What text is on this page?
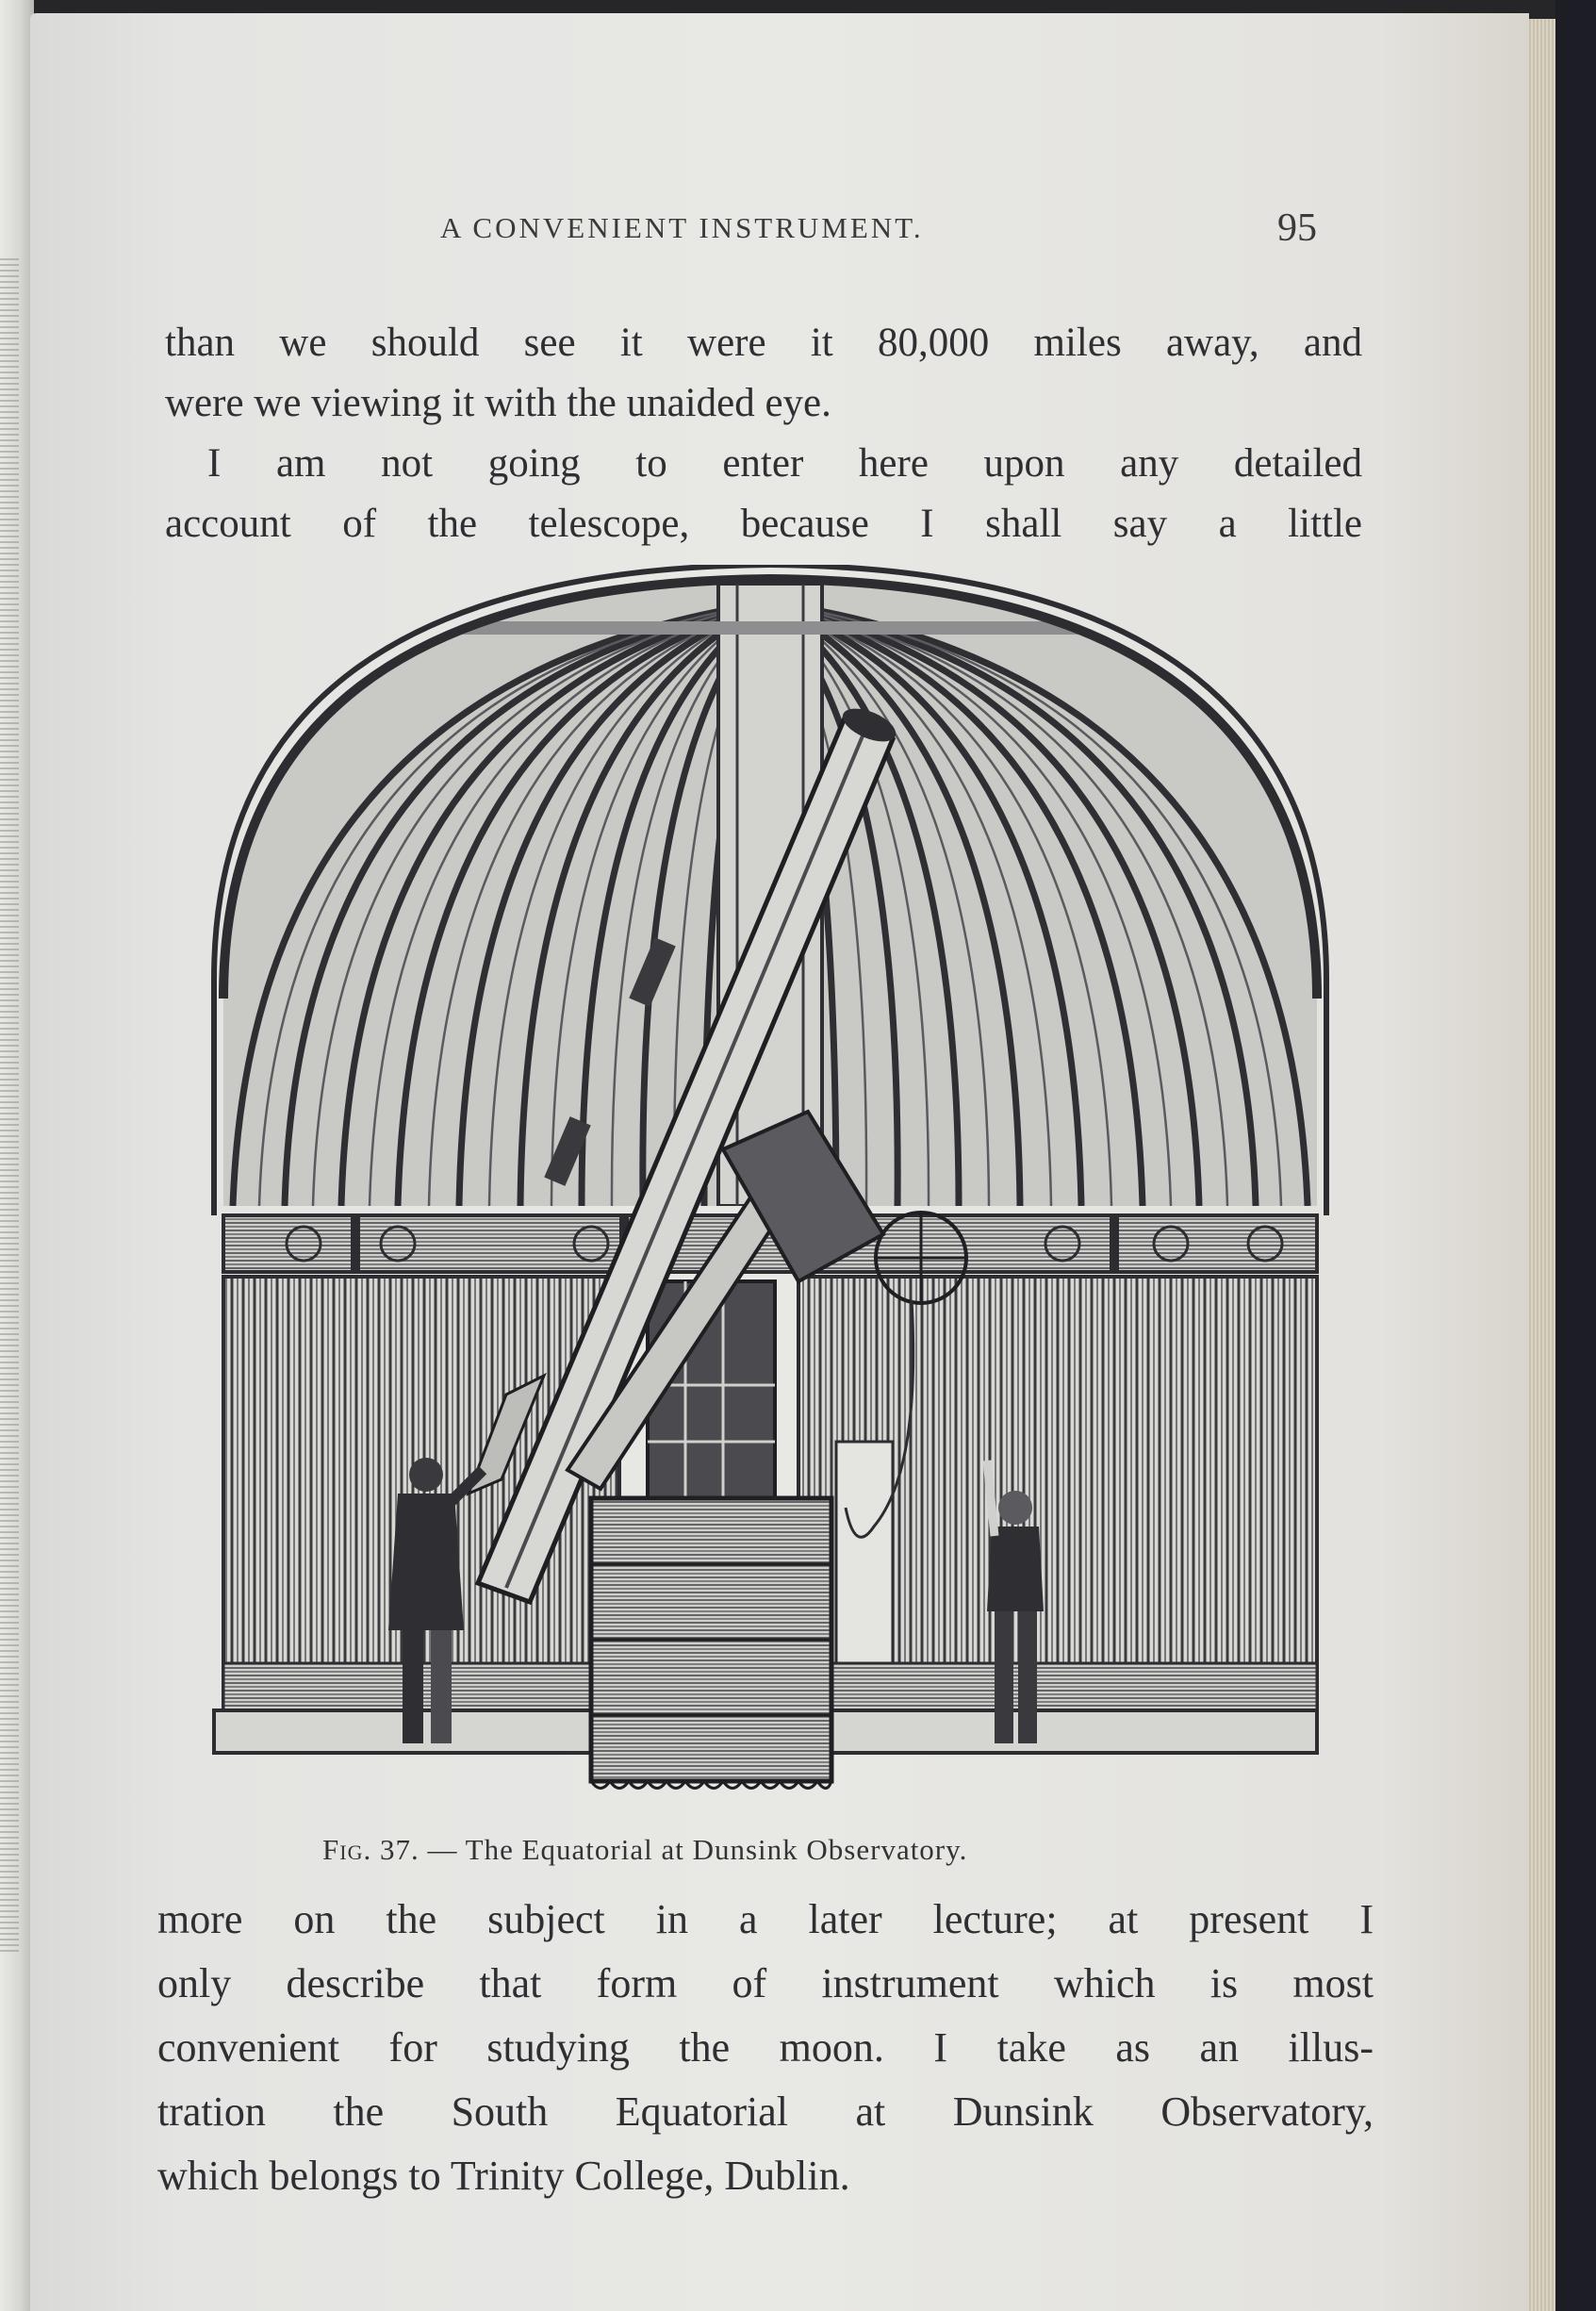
A CONVENIENT INSTRUMENT.	95
than we should see it were it 80,000 miles away, and
were we viewing it with the unaided eye.
I am not going to enter here upon any detailed
account of the telescope, because I shall say a little
Fig. 37. — The Equatorial at Dunsink Observatory.
more on the subject in a later lecture; at present I
only describe that form of instrument which is most
convenient for studying the moon. I take as an illus-
tration the South Equatorial at Dunsink Observatory,
which belongs to Trinity College, Dublin.
